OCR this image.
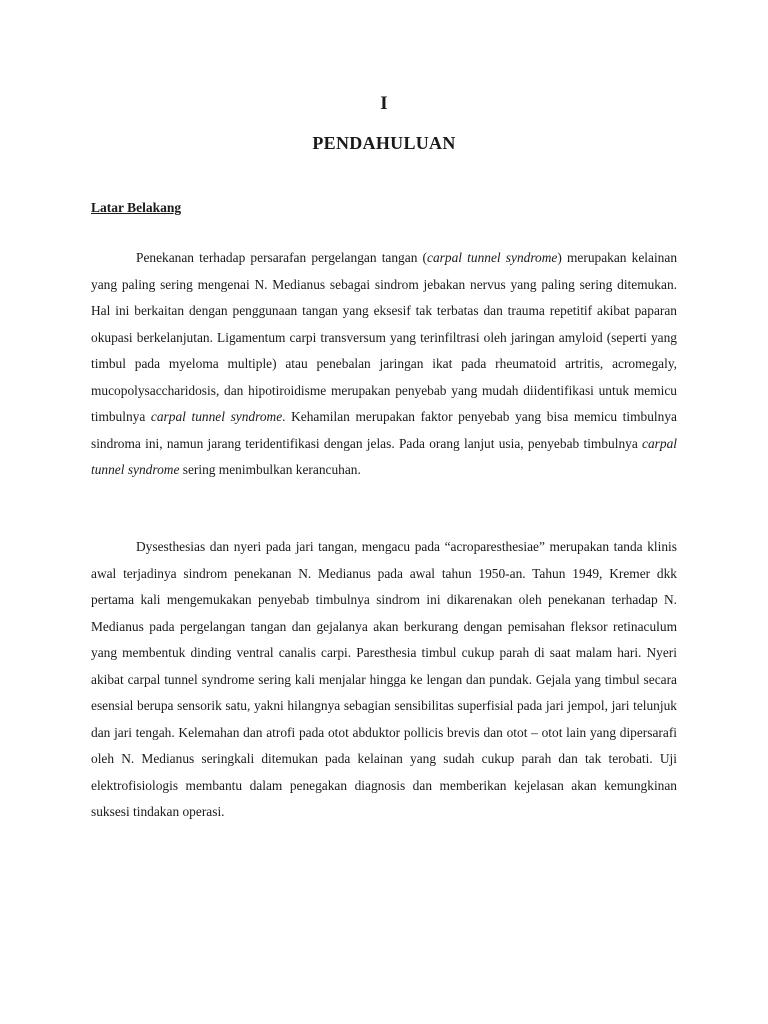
I
PENDAHULUAN
Latar Belakang

Penekanan terhadap persarafan pergelangan tangan (carpal tunnel syndrome) merupakan kelainan yang paling sering mengenai N. Medianus sebagai sindrom jebakan nervus yang paling sering ditemukan. Hal ini berkaitan dengan penggunaan tangan yang eksesif tak terbatas dan trauma repetitif akibat paparan okupasi berkelanjutan. Ligamentum carpi transversum yang terinfiltrasi oleh jaringan amyloid (seperti yang timbul pada myeloma multiple) atau penebalan jaringan ikat pada rheumatoid artritis, acromegaly, mucopolysaccharidosis, dan hipotiroidisme merupakan penyebab yang mudah diidentifikasi untuk memicu timbulnya carpal tunnel syndrome. Kehamilan merupakan faktor penyebab yang bisa memicu timbulnya sindroma ini, namun jarang teridentifikasi dengan jelas. Pada orang lanjut usia, penyebab timbulnya carpal tunnel syndrome sering menimbulkan kerancuhan.

Dysesthesias dan nyeri pada jari tangan, mengacu pada “acroparesthesiae” merupakan tanda klinis awal terjadinya sindrom penekanan N. Medianus pada awal tahun 1950-an. Tahun 1949, Kremer dkk pertama kali mengemukakan penyebab timbulnya sindrom ini dikarenakan oleh penekanan terhadap N. Medianus pada pergelangan tangan dan gejalanya akan berkurang dengan pemisahan fleksor retinaculum yang membentuk dinding ventral canalis carpi. Paresthesia timbul cukup parah di saat malam hari. Nyeri akibat carpal tunnel syndrome sering kali menjalar hingga ke lengan dan pundak. Gejala yang timbul secara esensial berupa sensorik satu, yakni hilangnya sebagian sensibilitas superfisial pada jari jempol, jari telunjuk dan jari tengah. Kelemahan dan atrofi pada otot abduktor pollicis brevis dan otot – otot lain yang dipersarafi oleh N. Medianus seringkali ditemukan pada kelainan yang sudah cukup parah dan tak terobati. Uji elektrofisiologis membantu dalam penegakan diagnosis dan memberikan kejelasan akan kemungkinan suksesi tindakan operasi.
